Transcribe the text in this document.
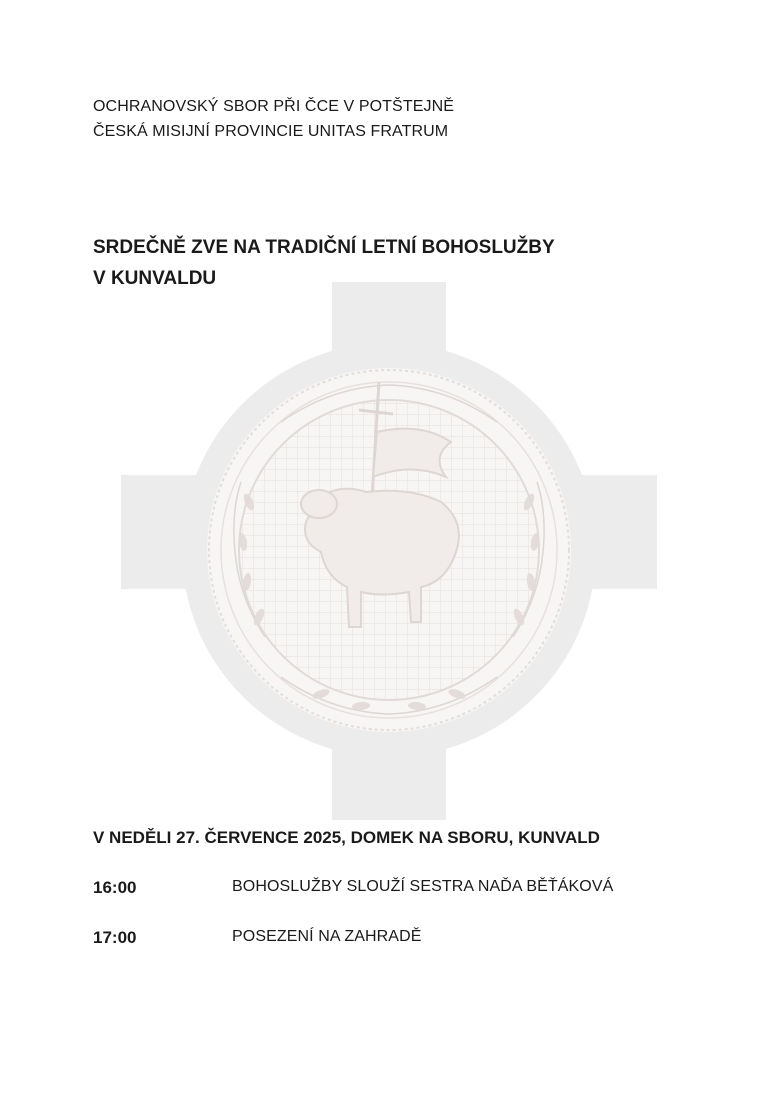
OCHRANOVSKÝ SBOR PŘI ČCE V POTŠTEJNĚ
ČESKÁ MISIJNÍ PROVINCIE UNITAS FRATRUM
SRDEČNĚ ZVE NA TRADIČNÍ LETNÍ BOHOSLUŽBY
V KUNVALDU
V NEDĚLI 27. ČERVENCE 2025, DOMEK NA SBORU, KUNVALD
16:00	BOHOSLUŽBY SLOUŽÍ SESTRA NAĎA BĚŤÁKOVÁ
17:00	POSEZENÍ NA ZAHRADĚ
